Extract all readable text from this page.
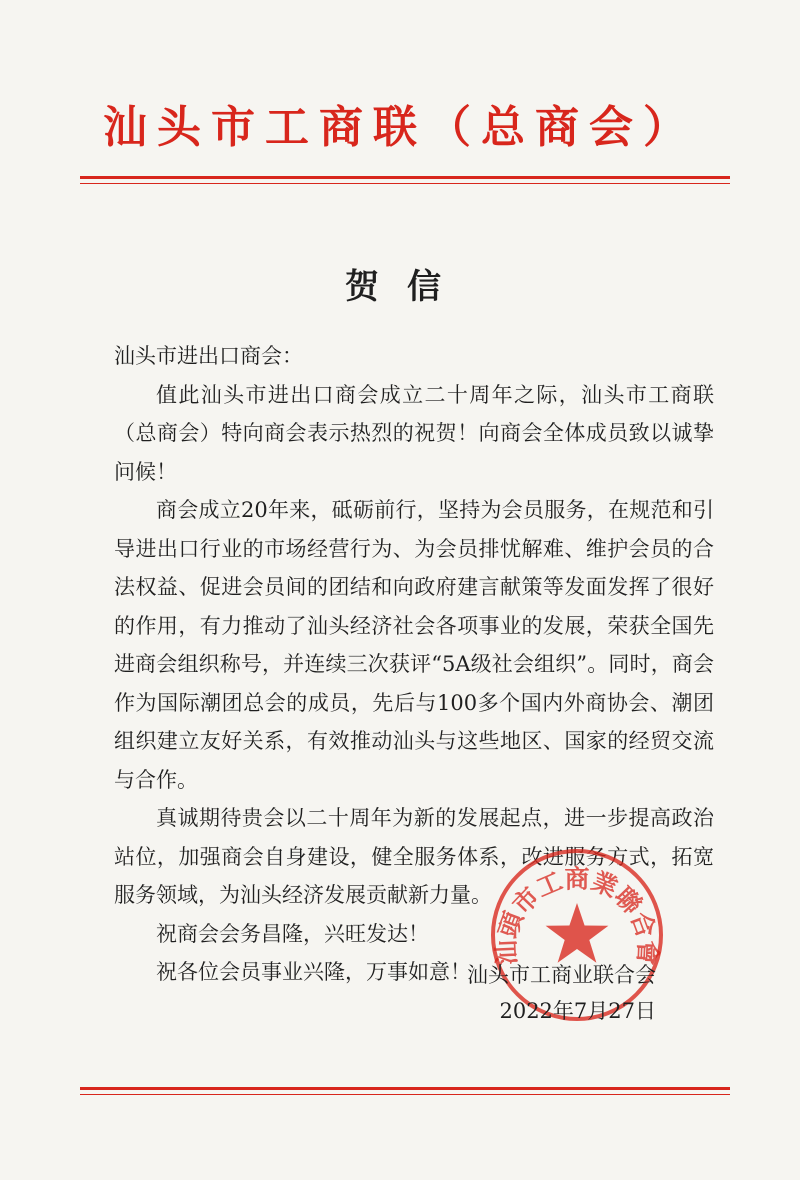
汕头市工商联（总商会）
贺信

汕头市进出口商会：

值此汕头市进出口商会成立二十周年之际，汕头市工商联（总商会）特向商会表示热烈的祝贺！向商会全体成员致以诚挚问候！

商会成立20年来，砥砺前行，坚持为会员服务，在规范和引导进出口行业的市场经营行为、为会员排忧解难、维护会员的合法权益、促进会员间的团结和向政府建言献策等发面发挥了很好的作用，有力推动了汕头经济社会各项事业的发展，荣获全国先进商会组织称号，并连续三次获评“5A级社会组织”。同时，商会作为国际潮团总会的成员，先后与100多个国内外商协会、潮团组织建立友好关系，有效推动汕头与这些地区、国家的经贸交流与合作。

真诚期待贵会以二十周年为新的发展起点，进一步提高政治站位，加强商会自身建设，健全服务体系，改进服务方式，拓宽服务领域，为汕头经济发展贡献新力量。

祝商会会务昌隆，兴旺发达！

祝各位会员事业兴隆，万事如意！

汕頭市工商業聯合會
汕头市工商业联合会
2022年7月27日
